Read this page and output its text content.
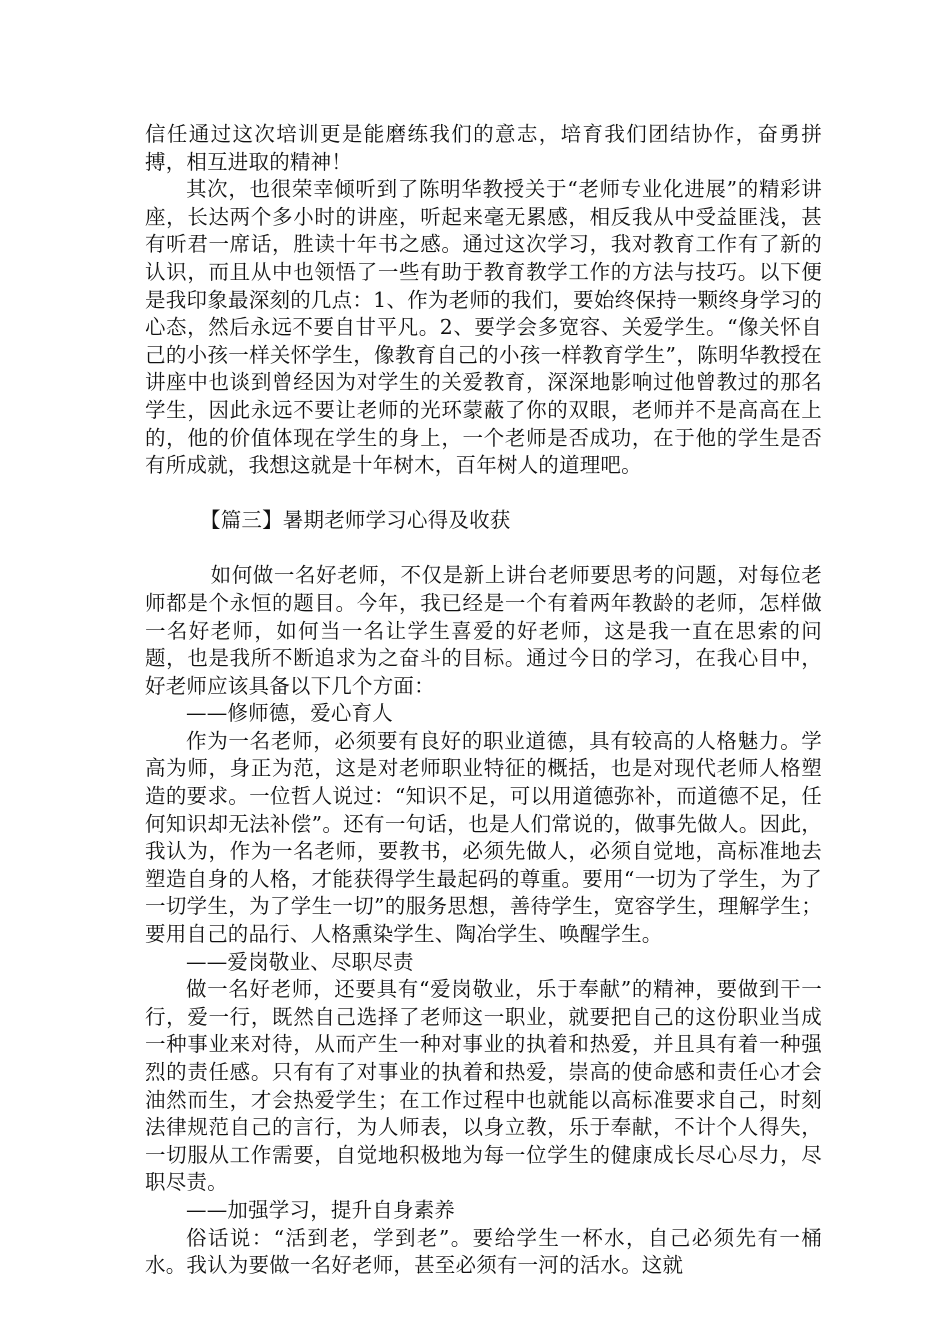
信任通过这次培训更是能磨练我们的意志，培育我们团结协作，奋勇拼搏，相互进取的精神！

其次，也很荣幸倾听到了陈明华教授关于“老师专业化进展”的精彩讲座，长达两个多小时的讲座，听起来毫无累感，相反我从中受益匪浅，甚有听君一席话，胜读十年书之感。通过这次学习，我对教育工作有了新的认识，而且从中也领悟了一些有助于教育教学工作的方法与技巧。以下便是我印象最深刻的几点：1、作为老师的我们，要始终保持一颗终身学习的心态，然后永远不要自甘平凡。2、要学会多宽容、关爱学生。“像关怀自己的小孩一样关怀学生，像教育自己的小孩一样教育学生”，陈明华教授在讲座中也谈到曾经因为对学生的关爱教育，深深地影响过他曾教过的那名学生，因此永远不要让老师的光环蒙蔽了你的双眼，老师并不是高高在上的，他的价值体现在学生的身上，一个老师是否成功，在于他的学生是否有所成就，我想这就是十年树木，百年树人的道理吧。

【篇三】暑期老师学习心得及收获

如何做一名好老师，不仅是新上讲台老师要思考的问题，对每位老师都是个永恒的题目。今年，我已经是一个有着两年教龄的老师，怎样做一名好老师，如何当一名让学生喜爱的好老师，这是我一直在思索的问题，也是我所不断追求为之奋斗的目标。通过今日的学习，在我心目中，好老师应该具备以下几个方面：

——修师德，爱心育人

作为一名老师，必须要有良好的职业道德，具有较高的人格魅力。学高为师，身正为范，这是对老师职业特征的概括，也是对现代老师人格塑造的要求。一位哲人说过：“知识不足，可以用道德弥补，而道德不足，任何知识却无法补偿”。还有一句话，也是人们常说的，做事先做人。因此，我认为，作为一名老师，要教书，必须先做人，必须自觉地，高标准地去塑造自身的人格，才能获得学生最起码的尊重。要用“一切为了学生，为了一切学生，为了学生一切”的服务思想，善待学生，宽容学生，理解学生；要用自己的品行、人格熏染学生、陶冶学生、唤醒学生。

——爱岗敬业、尽职尽责

做一名好老师，还要具有“爱岗敬业，乐于奉献”的精神，要做到干一行，爱一行，既然自己选择了老师这一职业，就要把自己的这份职业当成一种事业来对待，从而产生一种对事业的执着和热爱，并且具有着一种强烈的责任感。只有有了对事业的执着和热爱，崇高的使命感和责任心才会油然而生，才会热爱学生；在工作过程中也就能以高标准要求自己，时刻法律规范自己的言行，为人师表，以身立教，乐于奉献，不计个人得失，一切服从工作需要，自觉地积极地为每一位学生的健康成长尽心尽力，尽职尽责。

——加强学习，提升自身素养

俗话说：“活到老，学到老”。要给学生一杯水，自己必须先有一桶水。我认为要做一名好老师，甚至必须有一河的活水。这就
